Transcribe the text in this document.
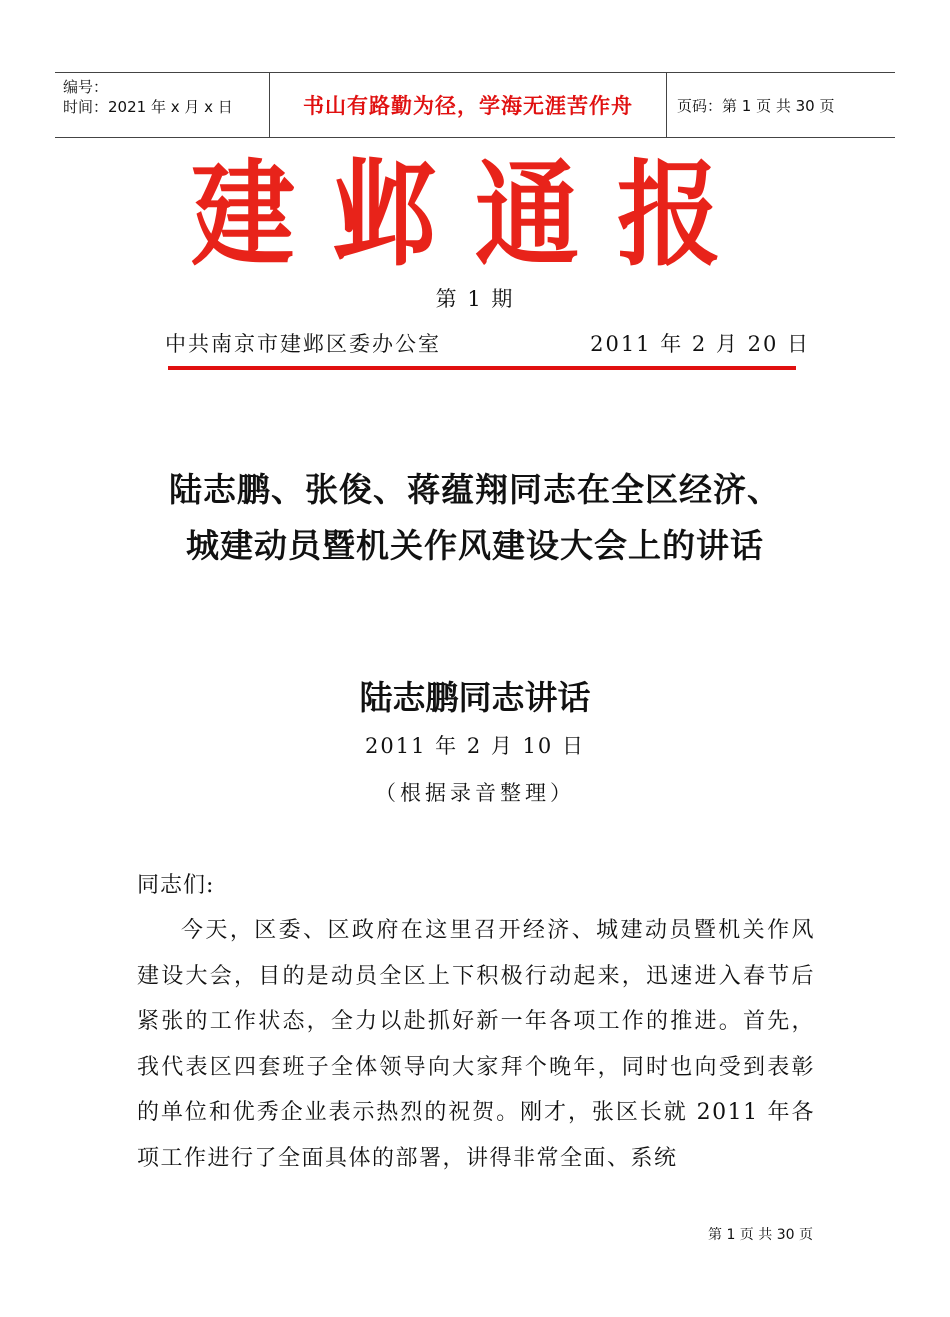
编号：
时间：2021 年 x 月 x 日	书山有路勤为径，学海无涯苦作舟	页码：第 1 页 共 30 页
建邺通报
第 1 期
中共南京市建邺区委办公室	2011 年 2 月 20 日
陆志鹏、张俊、蒋蕴翔同志在全区经济、
城建动员暨机关作风建设大会上的讲话
陆志鹏同志讲话
2011 年 2 月 10 日
（根据录音整理）
同志们:
今天，区委、区政府在这里召开经济、城建动员暨机关作风建设大会，目的是动员全区上下积极行动起来，迅速进入春节后紧张的工作状态，全力以赴抓好新一年各项工作的推进。首先，我代表区四套班子全体领导向大家拜个晚年，同时也向受到表彰的单位和优秀企业表示热烈的祝贺。刚才，张区长就 2011 年各项工作进行了全面具体的部署，讲得非常全面、系统
第 1 页 共 30 页
